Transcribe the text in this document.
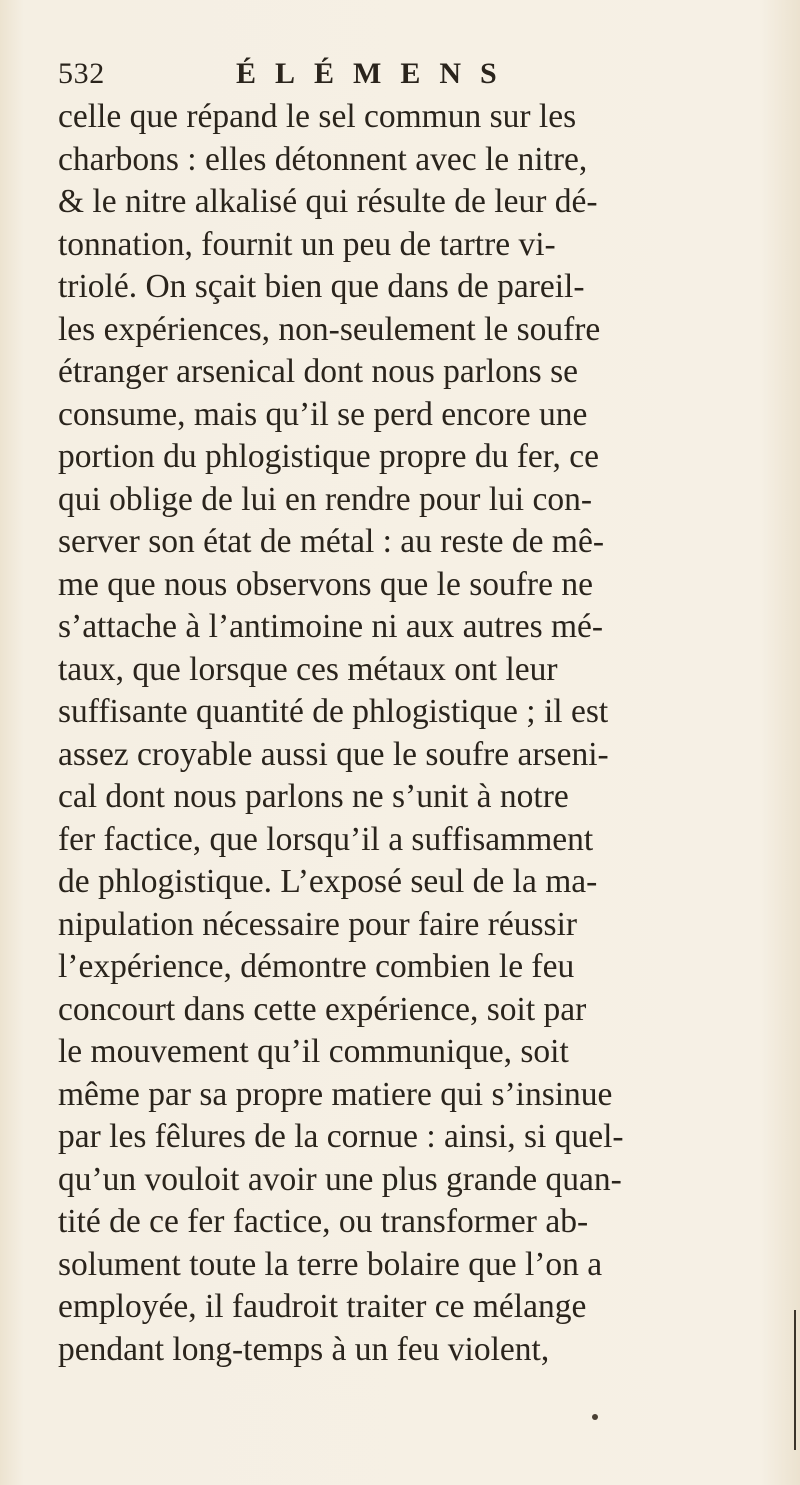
532	ÉLÉMENS
celle que répand le sel commun sur les
charbons : elles détonnent avec le nitre,
& le nitre alkalisé qui résulte de leur dé-
tonnation, fournit un peu de tartre vi-
triolé. On sçait bien que dans de pareil-
les expériences, non-seulement le soufre
étranger arsenical dont nous parlons se
consume, mais qu’il se perd encore une
portion du phlogistique propre du fer, ce
qui oblige de lui en rendre pour lui con-
server son état de métal : au reste de mê-
me que nous observons que le soufre ne
s’attache à l’antimoine ni aux autres mé-
taux, que lorsque ces métaux ont leur
suffisante quantité de phlogistique ; il est
assez croyable aussi que le soufre arseni-
cal dont nous parlons ne s’unit à notre
fer factice, que lorsqu’il a suffisamment
de phlogistique. L’exposé seul de la ma-
nipulation nécessaire pour faire réussir
l’expérience, démontre combien le feu
concourt dans cette expérience, soit par
le mouvement qu’il communique, soit
même par sa propre matiere qui s’insinue
par les fêlures de la cornue : ainsi, si quel-
qu’un vouloit avoir une plus grande quan-
tité de ce fer factice, ou transformer ab-
solument toute la terre bolaire que l’on a
employée, il faudroit traiter ce mélange
pendant long-temps à un feu violent,
